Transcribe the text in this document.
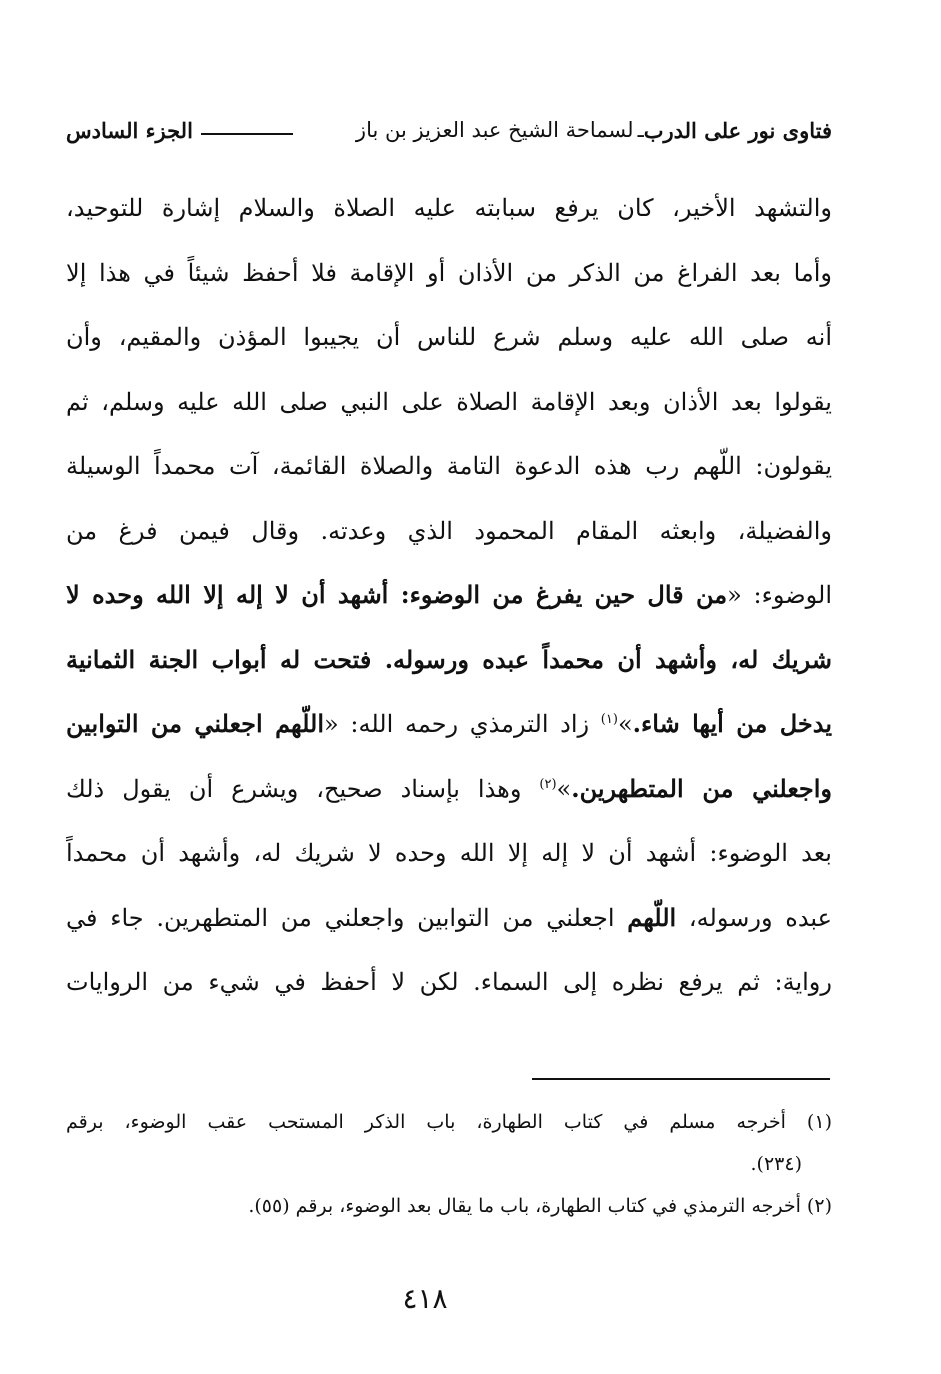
فتاوى نور على الدرب
ـ
لسماحة الشيخ عبد العزيز بن باز
الجزء السادس
والتشهد الأخير، كان يرفع سبابته عليه الصلاة والسلام إشارة للتوحيد،
وأما بعد الفراغ من الذكر من الأذان أو الإقامة فلا أحفظ شيئاً في هذا إلا
أنه صلى الله عليه وسلم شرع للناس أن يجيبوا المؤذن والمقيم، وأن
يقولوا بعد الأذان وبعد الإقامة الصلاة على النبي صلى الله عليه وسلم، ثم
يقولون: اللّهم رب هذه الدعوة التامة والصلاة القائمة، آت محمداً الوسيلة
والفضيلة، وابعثه المقام المحمود الذي وعدته. وقال فيمن فرغ من
الوضوء: «من قال حين يفرغ من الوضوء: أشهد أن لا إله إلا الله وحده لا
شريك له، وأشهد أن محمداً عبده ورسوله. فتحت له أبواب الجنة الثمانية
يدخل من أيها شاء.»$^{(١)}$ زاد الترمذي رحمه الله: «اللّهم اجعلني من التوابين
واجعلني من المتطهرين.»$^{(٢)}$ وهذا بإسناد صحيح، ويشرع أن يقول ذلك
بعد الوضوء: أشهد أن لا إله إلا الله وحده لا شريك له، وأشهد أن محمداً
عبده ورسوله، اللّهم اجعلني من التوابين واجعلني من المتطهرين. جاء في
رواية: ثم يرفع نظره إلى السماء. لكن لا أحفظ في شيء من الروايات
(١) أخرجه مسلم في كتاب الطهارة، باب الذكر المستحب عقب الوضوء، برقم
(٢٣٤).
(٢) أخرجه الترمذي في كتاب الطهارة، باب ما يقال بعد الوضوء، برقم (٥٥).
٤١٨
